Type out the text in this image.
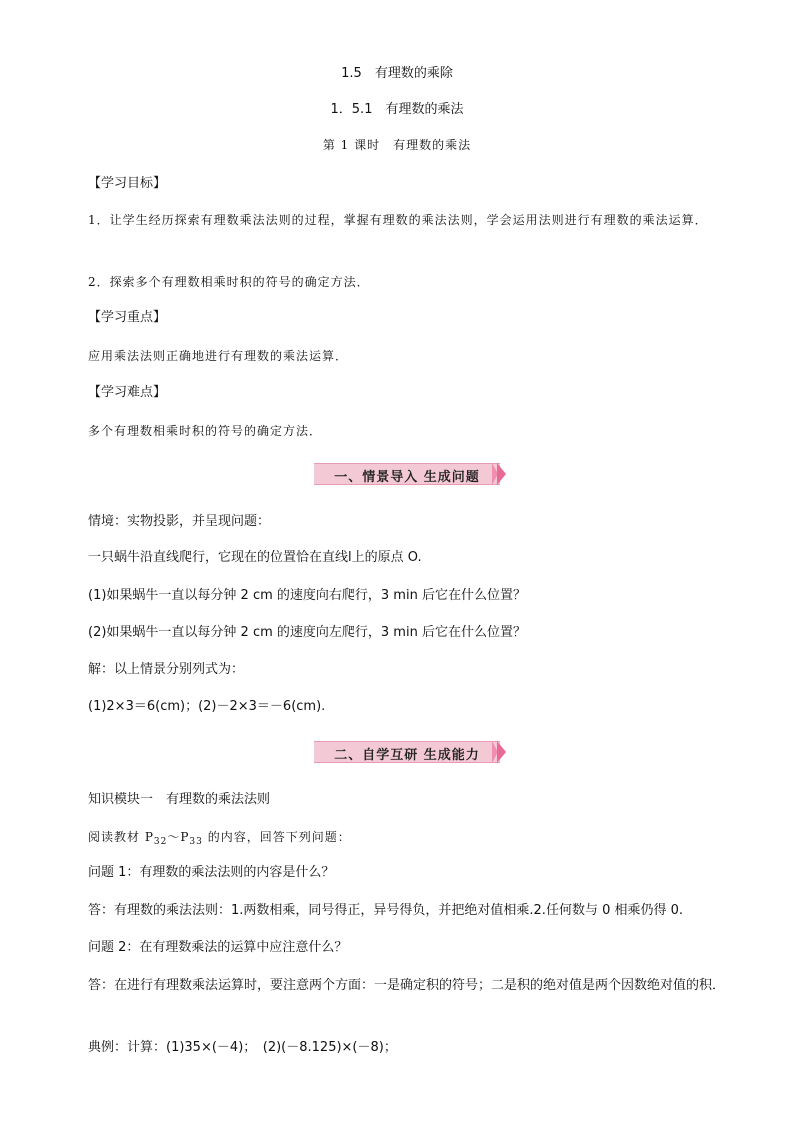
1.5　有理数的乘除
1．5.1　有理数的乘法
第 1 课时　有理数的乘法
【学习目标】
1．让学生经历探索有理数乘法法则的过程，掌握有理数的乘法法则，学会运用法则进行有理数的乘法运算．
2．探索多个有理数相乘时积的符号的确定方法．
【学习重点】
应用乘法法则正确地进行有理数的乘法运算．
【学习难点】
多个有理数相乘时积的符号的确定方法．
一、情景导入 生成问题
情境：实物投影，并呈现问题：
一只蜗牛沿直线爬行，它现在的位置恰在直线l上的原点 O.
(1)如果蜗牛一直以每分钟 2 cm 的速度向右爬行，3 min 后它在什么位置？
(2)如果蜗牛一直以每分钟 2 cm 的速度向左爬行，3 min 后它在什么位置？
解：以上情景分别列式为：
(1)2×3＝6(cm)；(2)－2×3＝－6(cm).
二、自学互研 生成能力
知识模块一　有理数的乘法法则
阅读教材 $P_{32}\sim P_{33}$ 的内容，回答下列问题：
问题 1：有理数的乘法法则的内容是什么？
答：有理数的乘法法则：1.两数相乘，同号得正，异号得负，并把绝对值相乘.2.任何数与 0 相乘仍得 0.
问题 2：在有理数乘法的运算中应注意什么？
答：在进行有理数乘法运算时，要注意两个方面：一是确定积的符号；二是积的绝对值是两个因数绝对值的积．
典例：计算：(1)35×(－4)；　(2)(－8.125)×(－8)；
